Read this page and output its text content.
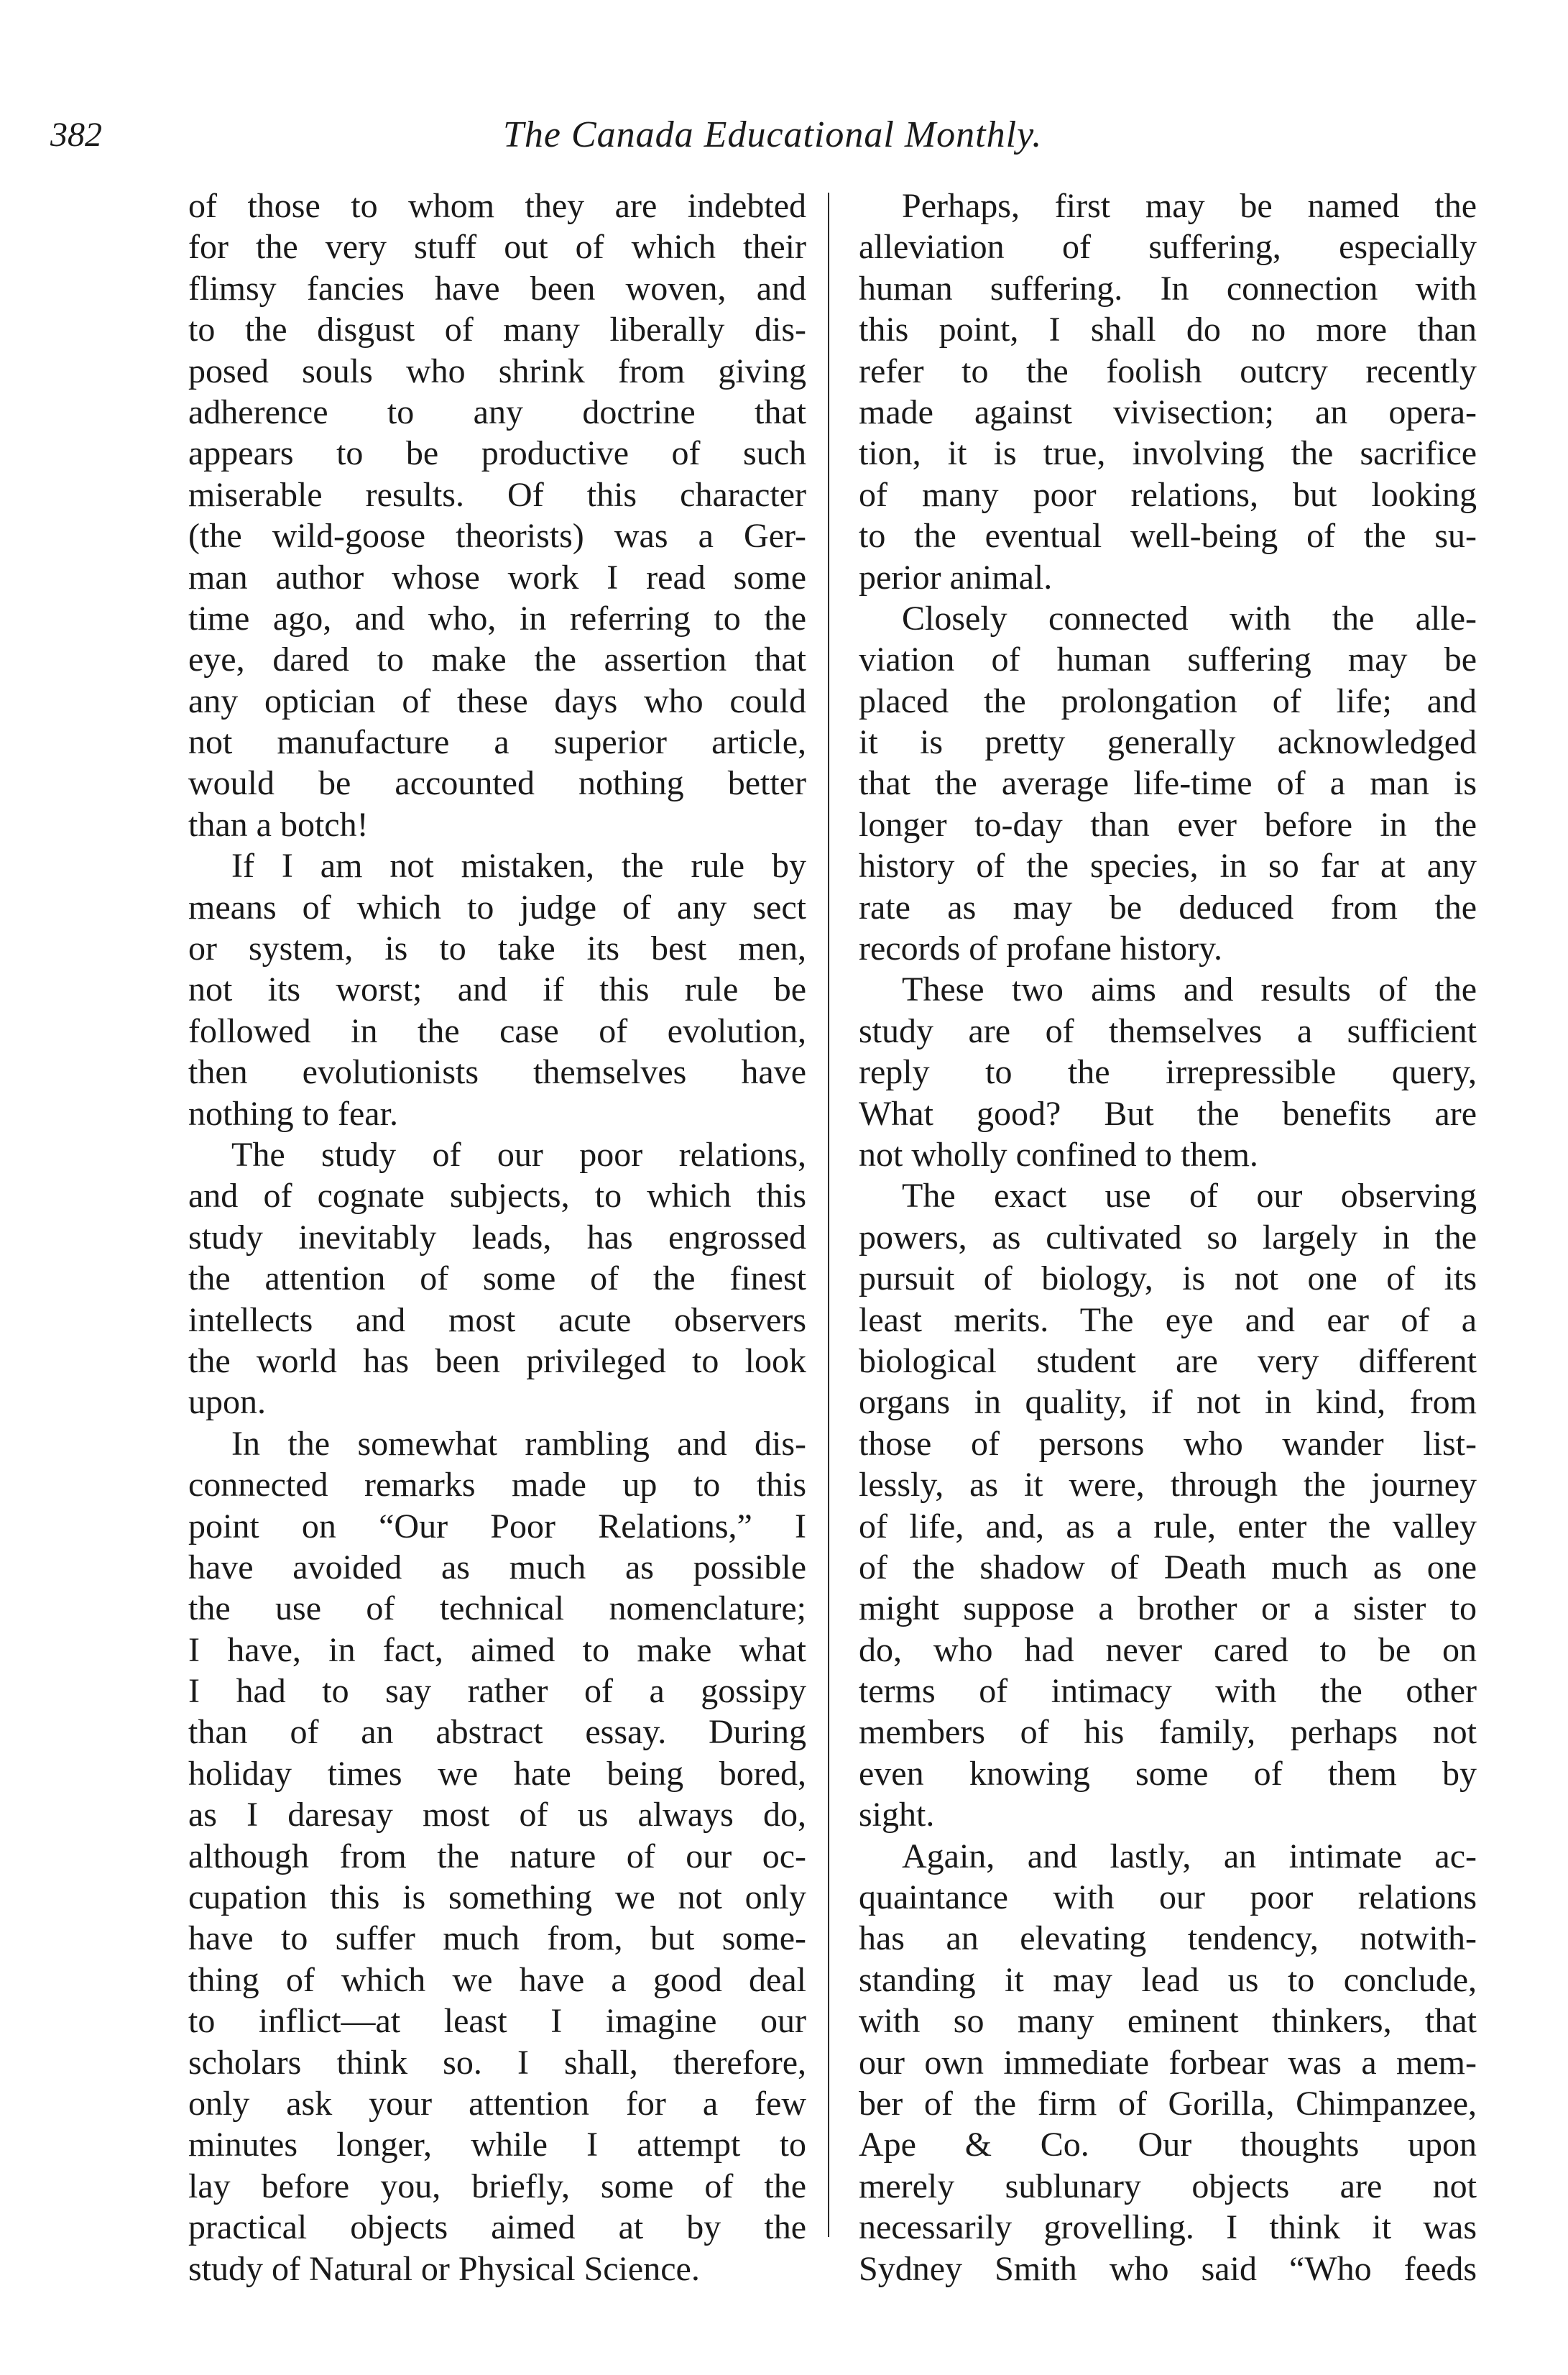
382	The Canada Educational Monthly.
of those to whom they are indebted
for the very stuff out of which their
flimsy fancies have been woven, and
to the disgust of many liberally dis-
posed souls who shrink from giving
adherence to any doctrine that
appears to be productive of such
miserable results. Of this character
(the wild-goose theorists) was a Ger-
man author whose work I read some
time ago, and who, in referring to the
eye, dared to make the assertion that
any optician of these days who could
not manufacture a superior article,
would be accounted nothing better
than a botch!
If I am not mistaken, the rule by
means of which to judge of any sect
or system, is to take its best men,
not its worst; and if this rule be
followed in the case of evolution,
then evolutionists themselves have
nothing to fear.
The study of our poor relations,
and of cognate subjects, to which this
study inevitably leads, has engrossed
the attention of some of the finest
intellects and most acute observers
the world has been privileged to look
upon.
In the somewhat rambling and dis-
connected remarks made up to this
point on “Our Poor Relations,” I
have avoided as much as possible
the use of technical nomenclature;
I have, in fact, aimed to make what
I had to say rather of a gossipy
than of an abstract essay. During
holiday times we hate being bored,
as I daresay most of us always do,
although from the nature of our oc-
cupation this is something we not only
have to suffer much from, but some-
thing of which we have a good deal
to inflict—at least I imagine our
scholars think so. I shall, therefore,
only ask your attention for a few
minutes longer, while I attempt to
lay before you, briefly, some of the
practical objects aimed at by the
study of Natural or Physical Science.
Perhaps, first may be named the
alleviation of suffering, especially
human suffering. In connection with
this point, I shall do no more than
refer to the foolish outcry recently
made against vivisection; an opera-
tion, it is true, involving the sacrifice
of many poor relations, but looking
to the eventual well-being of the su-
perior animal.
Closely connected with the alle-
viation of human suffering may be
placed the prolongation of life; and
it is pretty generally acknowledged
that the average life-time of a man is
longer to-day than ever before in the
history of the species, in so far at any
rate as may be deduced from the
records of profane history.
These two aims and results of the
study are of themselves a sufficient
reply to the irrepressible query,
What good? But the benefits are
not wholly confined to them.
The exact use of our observing
powers, as cultivated so largely in the
pursuit of biology, is not one of its
least merits. The eye and ear of a
biological student are very different
organs in quality, if not in kind, from
those of persons who wander list-
lessly, as it were, through the journey
of life, and, as a rule, enter the valley
of the shadow of Death much as one
might suppose a brother or a sister to
do, who had never cared to be on
terms of intimacy with the other
members of his family, perhaps not
even knowing some of them by
sight.
Again, and lastly, an intimate ac-
quaintance with our poor relations
has an elevating tendency, notwith-
standing it may lead us to conclude,
with so many eminent thinkers, that
our own immediate forbear was a mem-
ber of the firm of Gorilla, Chimpanzee,
Ape & Co. Our thoughts upon
merely sublunary objects are not
necessarily grovelling. I think it was
Sydney Smith who said “Who feeds
